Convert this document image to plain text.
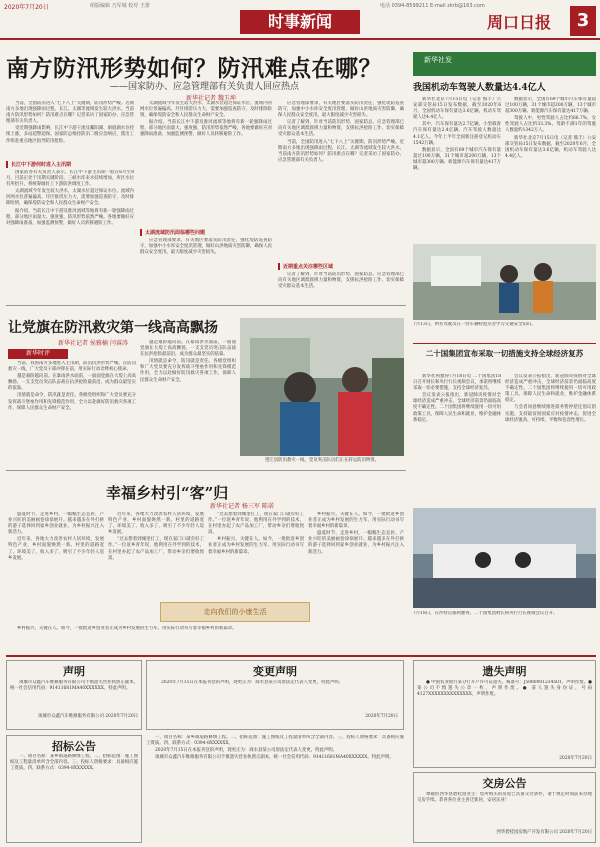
2020年7月20日	组版编辑 乃军城 校对 王蕾
时事新闻
电话 0394-8599211 E-mail zkrb@163.com
周口日报	3
南方防汛形势如何？防汛难点在哪？
——国家防办、应急管理部有关负责人回应热点
新华社记者 魏玉坤

当前，全国防汛进入“七下八上”关键期，防汛形势严峻。近期南方多地出现强降雨过程，长江、太湖等流域发生较大洪水。当前南方防汛形势如何？防汛难点在哪？记者采访了国家防办、应急管理部有关负责人。

受近期强降雨影响，长江中下游干流及鄱阳湖、洞庭湖水位持续上涨，多站超警超保。国家防总维持防汛二级应急响应，派出工作组赴重点地区指导防汛抢险。

长江中下游何时进入主汛期

国家防办有关负责人表示，长江中下游主汛期一般在6月至8月，目前正处于汛期关键阶段。三峡水库来水持续增加，库区水位有所抬升，将统筹做好上下游防洪调度工作。

太湖流域今年发生较大洪水，太湖水位超过保证水位。流域内河网水位普遍偏高，圩区排涝压力大，需要加强巡查防守，及时排除险情，确保堤防安全和人民群众生命财产安全。

据介绍，当前长江中下游及淮河流域等地将有新一轮强降雨过程，部分地区雨量大、强度强，防汛形势依然严峻。各地要做好应对强降雨准备，加强监测预警，做好人员转移避险工作。

太湖流域今年发生较大洪水，太湖水位超过保证水位。流域内河网水位普遍偏高，圩区排涝压力大，需要加强巡查防守，及时排除险情，确保堤防安全和人民群众生命财产安全。

据介绍，当前长江中下游及淮河流域等地将有新一轮强降雨过程，部分地区雨量大、强度强，防汛形势依然严峻。各地要做好应对强降雨准备，加强监测预警，做好人员转移避险工作。

太湖流域防汛面临哪些问题

应急管理部要求，有关地区要落实防汛责任，强化堤防巡查防守，加强中小水库安全度汛管理，做好山洪地质灾害防御，确保人民群众安全度汛，最大限度减少灾害损失。

应急管理部要求，有关地区要落实防汛责任，强化堤防巡查防守，加强中小水库安全度汛管理，做好山洪地质灾害防御，确保人民群众安全度汛，最大限度减少灾害损失。

记者了解到，针对当前防汛形势，国家防总、应急管理部已向有关地区调派救援力量和物资，支援抗洪抢险工作，切实保障受灾群众基本生活。

当前，全国防汛进入“七下八上”关键期，防汛形势严峻。近期南方多地出现强降雨过程，长江、太湖等流域发生较大洪水。当前南方防汛形势如何？防汛难点在哪？记者采访了国家防办、应急管理部有关负责人。

近期重点关注哪些区域

记者了解到，针对当前防汛形势，国家防总、应急管理部已向有关地区调派救援力量和物资，支援抗洪抢险工作，切实保障受灾群众基本生活。

让党旗在防汛救灾第一线高高飘扬
新华社记者 侯雅楠 闫睿涛
新华时评

当前，我国南方多地进入主汛期，防汛抗洪形势严峻。在防汛救灾一线，广大党员干部冲锋在前，用实际行动诠释初心使命。

越是艰险越向前。在暴雨洪水面前，一面面党旗在大堤上高高飘扬，一支支党员突击队奋战在抗洪抢险最前沿，成为群众最坚实的依靠。

汛情就是命令，防汛就是责任。各级党组织和广大党员要充分发挥战斗堡垒作用和先锋模范作用，全力以赴做好防汛救灾各项工作，保障人民群众生命财产安全。

越是艰险越向前。在暴雨洪水面前，一面面党旗在大堤上高高飘扬，一支支党员突击队奋战在抗洪抢险最前沿，成为群众最坚实的依靠。

汛情就是命令，防汛就是责任。各级党组织和广大党员要充分发挥战斗堡垒作用和先锋模范作用，全力以赴做好防汛救灾各项工作，保障人民群众生命财产安全。

望江县防汛救灾一线，党员突击队员们正在转运防汛物资。
幸福乡村引“客”归
新华社记者 杨三军 陈诺

盛夏时节，走进乡村，一幅幅生态宜居、产业兴旺的美丽画卷徐徐展开。越来越多在外打拼的游子选择回到家乡创业就业，为乡村振兴注入新活力。

近年来，各地大力改善农村人居环境，发展特色产业，乡村面貌焕然一新。村里的道路宽了、环境美了、收入多了，吸引了不少年轻人返乡发展。

近年来，各地大力改善农村人居环境，发展特色产业，乡村面貌焕然一新。村里的道路宽了、环境美了、收入多了，吸引了不少年轻人返乡发展。

“过去想着到城里打工，现在家门口就有好工作。”一位返乡青年说，他利用在外学到的技术，在村里办起了农产品加工厂，带动乡亲们增收致富。

“过去想着到城里打工，现在家门口就有好工作。”一位返乡青年说，他利用在外学到的技术，在村里办起了农产品加工厂，带动乡亲们增收致富。

乡村振兴，关键在人。如今，一批批返乡创业者正成为乡村发展的生力军，用实际行动书写着幸福乡村的新篇章。

乡村振兴，关键在人。如今，一批批返乡创业者正成为乡村发展的生力军，用实际行动书写着幸福乡村的新篇章。

盛夏时节，走进乡村，一幅幅生态宜居、产业兴旺的美丽画卷徐徐展开。越来越多在外打拼的游子选择回到家乡创业就业，为乡村振兴注入新活力。

走向我们的小康生活

乡村振兴，关键在人。如今，一批批返乡创业者正成为乡村发展的生力军，用实际行动书写着幸福乡村的新篇章。

新华社发
我国机动车驾驶人数量达4.4亿人

新华社北京7月15日电（记者 熊丰）公安部交管局15日发布数据，截至2020年6月，全国机动车保有量达3.6亿辆，机动车驾驶人达4.4亿人。

其中，汽车保有量达2.7亿辆，小型载客汽车保有量达2.4亿辆。汽车驾驶人数量达4.1亿人。今年上半年全国新注册登记机动车1542万辆。

数据显示，全国有69个城市汽车保有量超过100万辆，31个城市超200万辆，13个城市超300万辆。新能源汽车保有量达417万辆。

数据显示，全国有69个城市汽车保有量超过100万辆，31个城市超200万辆，13个城市超300万辆。新能源汽车保有量达417万辆。

驾驶人中，男性驾驶人占比约66.7%，女性驾驶人占比约33.3%。驾龄不满1年的驾驶人数量约1342万人。

新华社北京7月15日电（记者 熊丰）公安部交管局15日发布数据，截至2020年6月，全国机动车保有量达3.6亿辆，机动车驾驶人达4.4亿人。

7月13日，两名驾驶员在一处车辆检验点旁学习交通安全知识。
二十国集团宣布采取一切措施支持全球经济复苏

新华社利雅得7月18日电 二十国集团18日召开财长和央行行长视频会议，承诺将继续采取一切必要措施，支持全球经济复苏。

会议发表公报指出，新冠肺炎疫情对全球经济造成严重冲击，全球经济前景仍面临高度不确定性。二十国集团将继续使用一切可用政策工具，保障人民生命和就业，维护金融体系稳定。

会议发表公报指出，新冠肺炎疫情对全球经济造成严重冲击，全球经济前景仍面临高度不确定性。二十国集团将继续使用一切可用政策工具，保障人民生命和就业，维护金融体系稳定。

与会者同意继续推进债务暂停偿还倡议的实施，支持最贫困国家应对疫情冲击，促进全球经济强劲、可持续、平衡和包容性增长。

7月18日，在沙特首都利雅得，二十国集团财长和央行行长视频会议召开。
声明

项城市众鑫汽车维修服务有限公司不慎遗失营业执照正副本，统一社会信用代码：91411681MA40XXXXXX，特此声明。

项城市众鑫汽车维修服务有限公司 2020年7月20日
变更声明

2020年7月15日在本报刊登的声明，现更正为：商水县某公司原法定代表人变更，特此声明。

2020年7月20日
遗失声明

● 中国农业银行某分行开户许可证遗失，核准号：J5080001234501，声明作废。● 某公司不慎遗失公章一枚，声明作废。● 某人遗失身份证，号码4127XXXXXXXXXXXXXX，声明作废。

2020年7月20日
招标公告

一、项目名称：某乡镇道路修缮工程。二、招标范围：施工图纸及工程量清单所含全部内容。三、投标人资格要求：具备相应施工资质。四、联系方式：0394-8XXXXXX。

一、项目名称：某乡镇道路修缮工程。二、招标范围：施工图纸及工程量清单所含全部内容。三、投标人资格要求：具备相应施工资质。四、联系方式：0394-8XXXXXX。

2020年7月15日在本报刊登的声明，现更正为：商水县某公司原法定代表人变更，特此声明。

项城市众鑫汽车维修服务有限公司不慎遗失营业执照正副本，统一社会信用代码：91411681MA40XXXXXX，特此声明。

交房公告

尊敬的西华县碧桂园业主：您所购买的房屋已具备交付条件，请于规定时间前来办理交房手续。恭喜各位业主喜迁新居，安居乐业！

西华碧桂园房地产开发有限公司 2020年7月20日
